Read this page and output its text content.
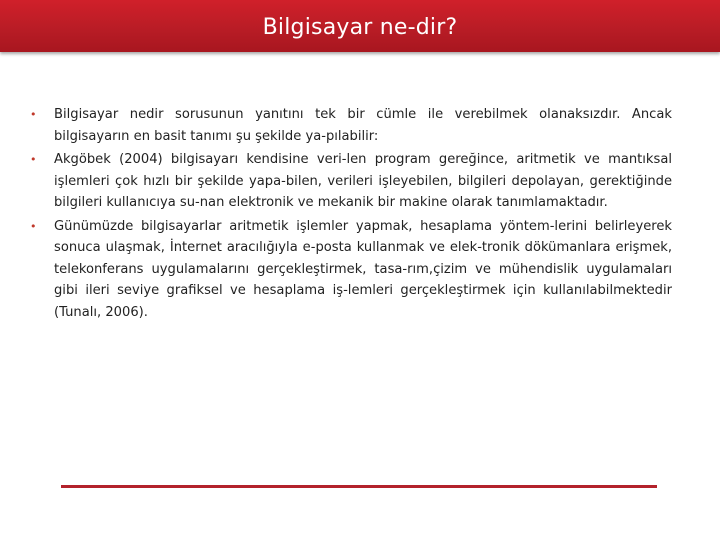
Bilgisayar ne-dir?
• Bilgisayar nedir sorusunun yanıtını tek bir cümle ile verebilmek olanaksızdır. Ancak bilgisayarın en basit tanımı şu şekilde ya-pılabilir:
• Akgöbek (2004) bilgisayarı kendisine veri-len program gereğince, aritmetik ve mantıksal işlemleri çok hızlı bir şekilde yapa-bilen, verileri işleyebilen, bilgileri depolayan, gerektiğinde bilgileri kullanıcıya su-nan elektronik ve mekanik bir makine olarak tanımlamaktadır.
• Günümüzde bilgisayarlar aritmetik işlemler yapmak, hesaplama yöntem-lerini belirleyerek sonuca ulaşmak, İnternet aracılığıyla e-posta kullanmak ve elek-tronik dökümanlara erişmek, telekonferans uygulamalarını gerçekleştirmek, tasa-rım,çizim ve mühendislik uygulamaları gibi ileri seviye grafiksel ve hesaplama iş-lemleri gerçekleştirmek için kullanılabilmektedir (Tunalı, 2006).
